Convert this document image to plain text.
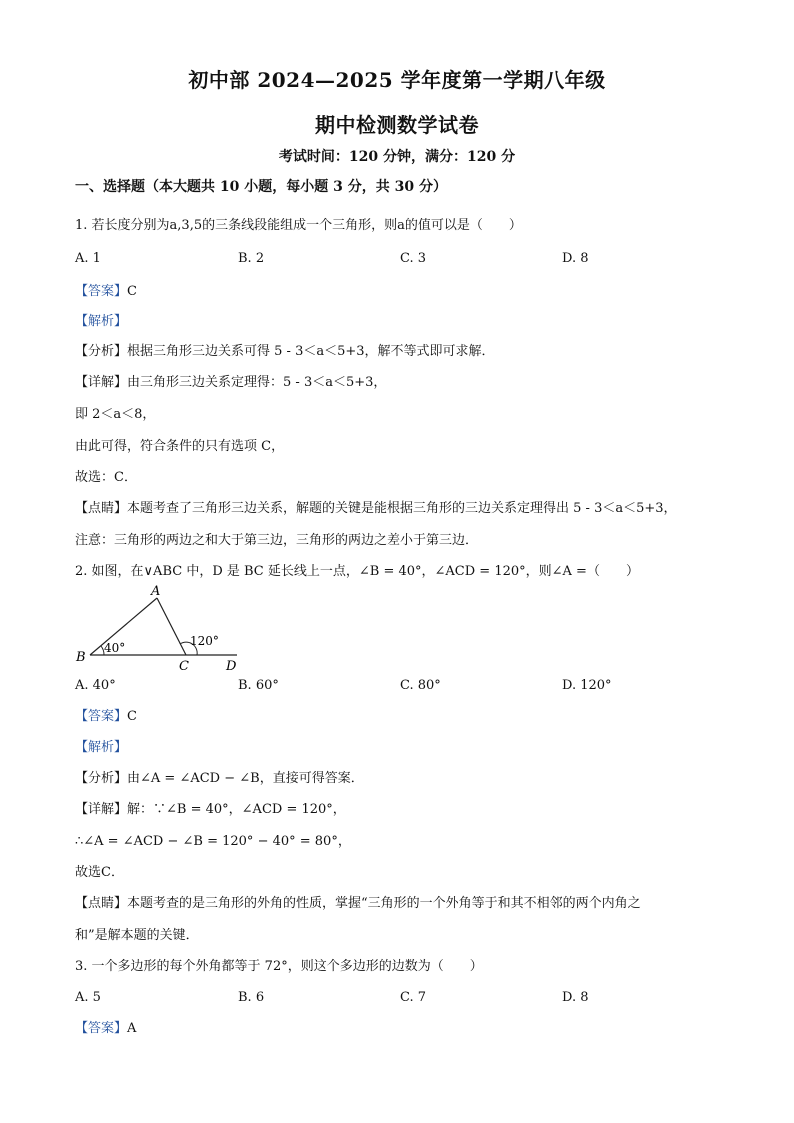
初中部 2024—2025 学年度第一学期八年级
期中检测数学试卷
考试时间：120 分钟，满分：120 分
一、选择题（本大题共 10 小题，每小题 3 分，共 30 分）
1. 若长度分别为a,3,5的三条线段能组成一个三角形，则a的值可以是（　　）
A. 1	B. 2	C. 3	D. 8
【答案】C
【解析】
【分析】根据三角形三边关系可得 5 - 3＜a＜5+3，解不等式即可求解．
【详解】由三角形三边关系定理得：5 - 3＜a＜5+3，
即 2＜a＜8，
由此可得，符合条件的只有选项 C，
故选：C．
【点睛】本题考查了三角形三边关系，解题的关键是能根据三角形的三边关系定理得出 5 - 3＜a＜5+3，
注意：三角形的两边之和大于第三边，三角形的两边之差小于第三边．
2. 如图，在∨ABC 中，D 是 BC 延长线上一点，∠B = 40°，∠ACD = 120°，则∠A =（　　）
A
B
C	D
40°	120°
A. 40°	B. 60°	C. 80°	D. 120°
【答案】C
【解析】
【分析】由∠A = ∠ACD − ∠B，直接可得答案．
【详解】解：∵∠B = 40°，∠ACD = 120°，
∴∠A = ∠ACD − ∠B = 120° − 40° = 80°，
故选C．
【点睛】本题考查的是三角形的外角的性质，掌握“三角形的一个外角等于和其不相邻的两个内角之
和”是解本题的关键．
3. 一个多边形的每个外角都等于 72°，则这个多边形的边数为（　　）
A. 5	B. 6	C. 7	D. 8
【答案】A
